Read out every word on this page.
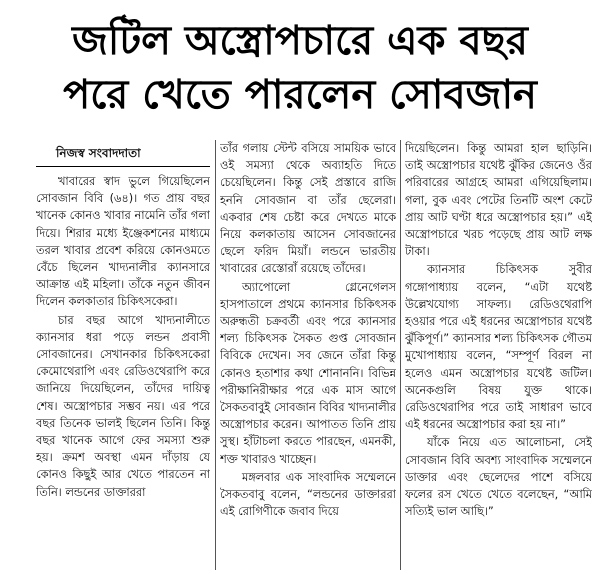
জটিল অস্ত্রোপচারে এক বছর
পরে খেতে পারলেন সোবজান
নিজস্ব সংবাদদাতা

খাবারের স্বাদ ভুলে গিয়েছিলেন সোবজান বিবি (৬৪)। গত প্রায় বছর খানেক কোনও খাবার নামেনি তাঁর গলা দিয়ে। শিরার মধ্যে ইঞ্জেকশনের মাধ্যমে তরল খাবার প্রবেশ করিয়ে কোনওমতে বেঁচে ছিলেন খাদ্যনালীর ক্যানসারে আক্রান্ত এই মহিলা। তাঁকে নতুন জীবন দিলেন কলকাতার চিকিৎসকেরা।

চার বছর আগে খাদ্যনালীতে ক্যানসার ধরা পড়ে লন্ডন প্রবাসী সোবজানের। সেখানকার চিকিৎসকেরা কেমোথেরাপি এবং রেডিওথেরাপি করে জানিয়ে দিয়েছিলেন, তাঁদের দায়িত্ব শেষ। অস্ত্রোপচার সম্ভব নয়। এর পরে বছর তিনেক ভালই ছিলেন তিনি। কিন্তু বছর খানেক আগে ফের সমস্যা শুরু হয়। ক্রমশ অবস্থা এমন দাঁড়ায় যে কোনও কিছুই আর খেতে পারতেন না তিনি। লন্ডনের ডাক্তাররা

তাঁর গলায় স্টেন্ট বসিয়ে সাময়িক ভাবে ওই সমস্যা থেকে অব্যাহতি দিতে চেয়েছিলেন। কিন্তু সেই প্রস্তাবে রাজি হননি সোবজান বা তাঁর ছেলেরা। একবার শেষ চেষ্টা করে দেখতে মাকে নিয়ে কলকাতায় আসেন সোবজানের ছেলে ফরিদ মিয়াঁ। লন্ডনে ভারতীয় খাবারের রেস্তোরাঁ রয়েছে তাঁদের।

অ্যাপোলো গ্লেনেগেলস হাসপাতালে প্রথমে ক্যানসার চিকিৎসক অরুন্ধতী চক্রবর্তী এবং পরে ক্যানসার শল্য চিকিৎসক সৈকত গুপ্ত সোবজান বিবিকে দেখেন। সব জেনে তাঁরা কিন্তু কোনও হতাশার কথা শোনাননি। বিভিন্ন পরীক্ষানিরীক্ষার পরে এক মাস আগে সৈকতবাবুই সোবজান বিবির খাদ্যনালীর অস্ত্রোপচার করেন। আপাতত তিনি প্রায় সুস্থ। হাঁটাচলা করতে পারছেন, এমনকী, শক্ত খাবারও খাচ্ছেন।

মঙ্গলবার এক সাংবাদিক সম্মেলনে সৈকতবাবু বলেন, “লন্ডনের ডাক্তাররা এই রোগিণীকে জবাব দিয়ে

দিয়েছিলেন। কিন্তু আমরা হাল ছাড়িনি। তাই অস্ত্রোপচার যথেষ্ট ঝুঁকির জেনেও ওঁর পরিবারের আগ্রহে আমরা এগিয়েছিলাম। গলা, বুক এবং পেটের তিনটি অংশ কেটে প্রায় আট ঘণ্টা ধরে অস্ত্রোপচার হয়।” এই অস্ত্রোপচারে খরচ পড়েছে প্রায় আট লক্ষ টাকা।

ক্যানসার চিকিৎসক সুবীর গঙ্গোপাধ্যায় বলেন, “এটা যথেষ্ট উল্লেখযোগ্য সাফল্য। রেডিওথেরাপি হওয়ার পরে এই ধরনের অস্ত্রোপচার যথেষ্ট ঝুঁকিপূর্ণ।” ক্যানসার শল্য চিকিৎসক গৌতম মুখোপাধ্যায় বলেন, “সম্পূর্ণ বিরল না হলেও এমন অস্ত্রোপচার যথেষ্ট জটিল। অনেকগুলি বিষয় যুক্ত থাকে। রেডিওথেরাপির পরে তাই সাধারণ ভাবে এই ধরনের অস্ত্রোপচার করা হয় না।”

যাঁকে নিয়ে এত আলোচনা, সেই সোবজান বিবি অবশ্য সাংবাদিক সম্মেলনে ডাক্তার এবং ছেলেদের পাশে বসিয়ে ফলের রস খেতে খেতে বলেছেন, “আমি সত্যিই ভাল আছি।”
